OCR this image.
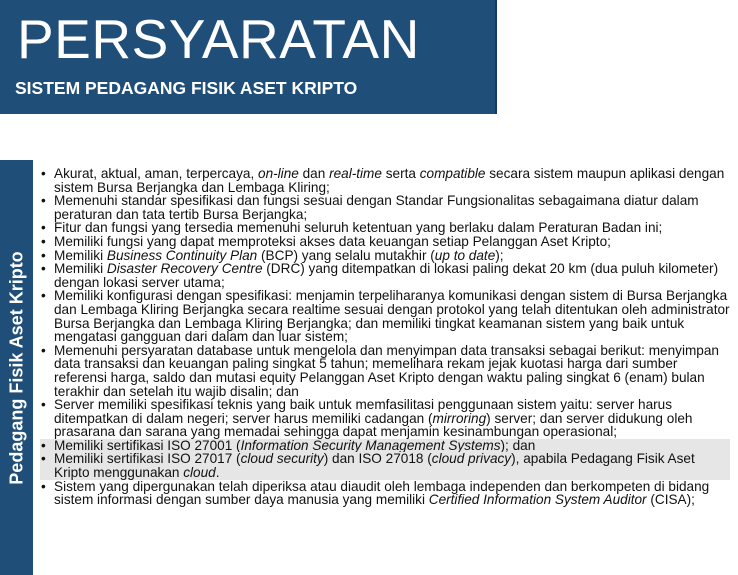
PERSYARATAN
SISTEM PEDAGANG FISIK ASET KRIPTO
Pedagang Fisik Aset Kripto
• Akurat, aktual, aman, terpercaya, on-line dan real-time serta compatible secara sistem maupun aplikasi dengan sistem Bursa Berjangka dan Lembaga Kliring;
• Memenuhi standar spesifikasi dan fungsi sesuai dengan Standar Fungsionalitas sebagaimana diatur dalam peraturan dan tata tertib Bursa Berjangka;
• Fitur dan fungsi yang tersedia memenuhi seluruh ketentuan yang berlaku dalam Peraturan Badan ini;
• Memiliki fungsi yang dapat memproteksi akses data keuangan setiap Pelanggan Aset Kripto;
• Memiliki Business Continuity Plan (BCP) yang selalu mutakhir (up to date);
• Memiliki Disaster Recovery Centre (DRC) yang ditempatkan di lokasi paling dekat 20 km (dua puluh kilometer) dengan lokasi server utama;
• Memiliki konfigurasi dengan spesifikasi: menjamin terpeliharanya komunikasi dengan sistem di Bursa Berjangka dan Lembaga Kliring Berjangka secara realtime sesuai dengan protokol yang telah ditentukan oleh administrator Bursa Berjangka dan Lembaga Kliring Berjangka; dan memiliki tingkat keamanan sistem yang baik untuk mengatasi gangguan dari dalam dan luar sistem;
• Memenuhi persyaratan database untuk mengelola dan menyimpan data transaksi sebagai berikut: menyimpan data transaksi dan keuangan paling singkat 5 tahun; memelihara rekam jejak kuotasi harga dari sumber referensi harga, saldo dan mutasi equity Pelanggan Aset Kripto dengan waktu paling singkat 6 (enam) bulan terakhir dan setelah itu wajib disalin; dan
• Server memiliki spesifikasi teknis yang baik untuk memfasilitasi penggunaan sistem yaitu: server harus ditempatkan di dalam negeri; server harus memiliki cadangan (mirroring) server; dan server didukung oleh prasarana dan sarana yang memadai sehingga dapat menjamin kesinambungan operasional;
• Memiliki sertifikasi ISO 27001 (Information Security Management Systems); dan
• Memiliki sertifikasi ISO 27017 (cloud security) dan ISO 27018 (cloud privacy), apabila Pedagang Fisik Aset Kripto menggunakan cloud.
• Sistem yang dipergunakan telah diperiksa atau diaudit oleh lembaga independen dan berkompeten di bidang sistem informasi dengan sumber daya manusia yang memiliki Certified Information System Auditor (CISA);
